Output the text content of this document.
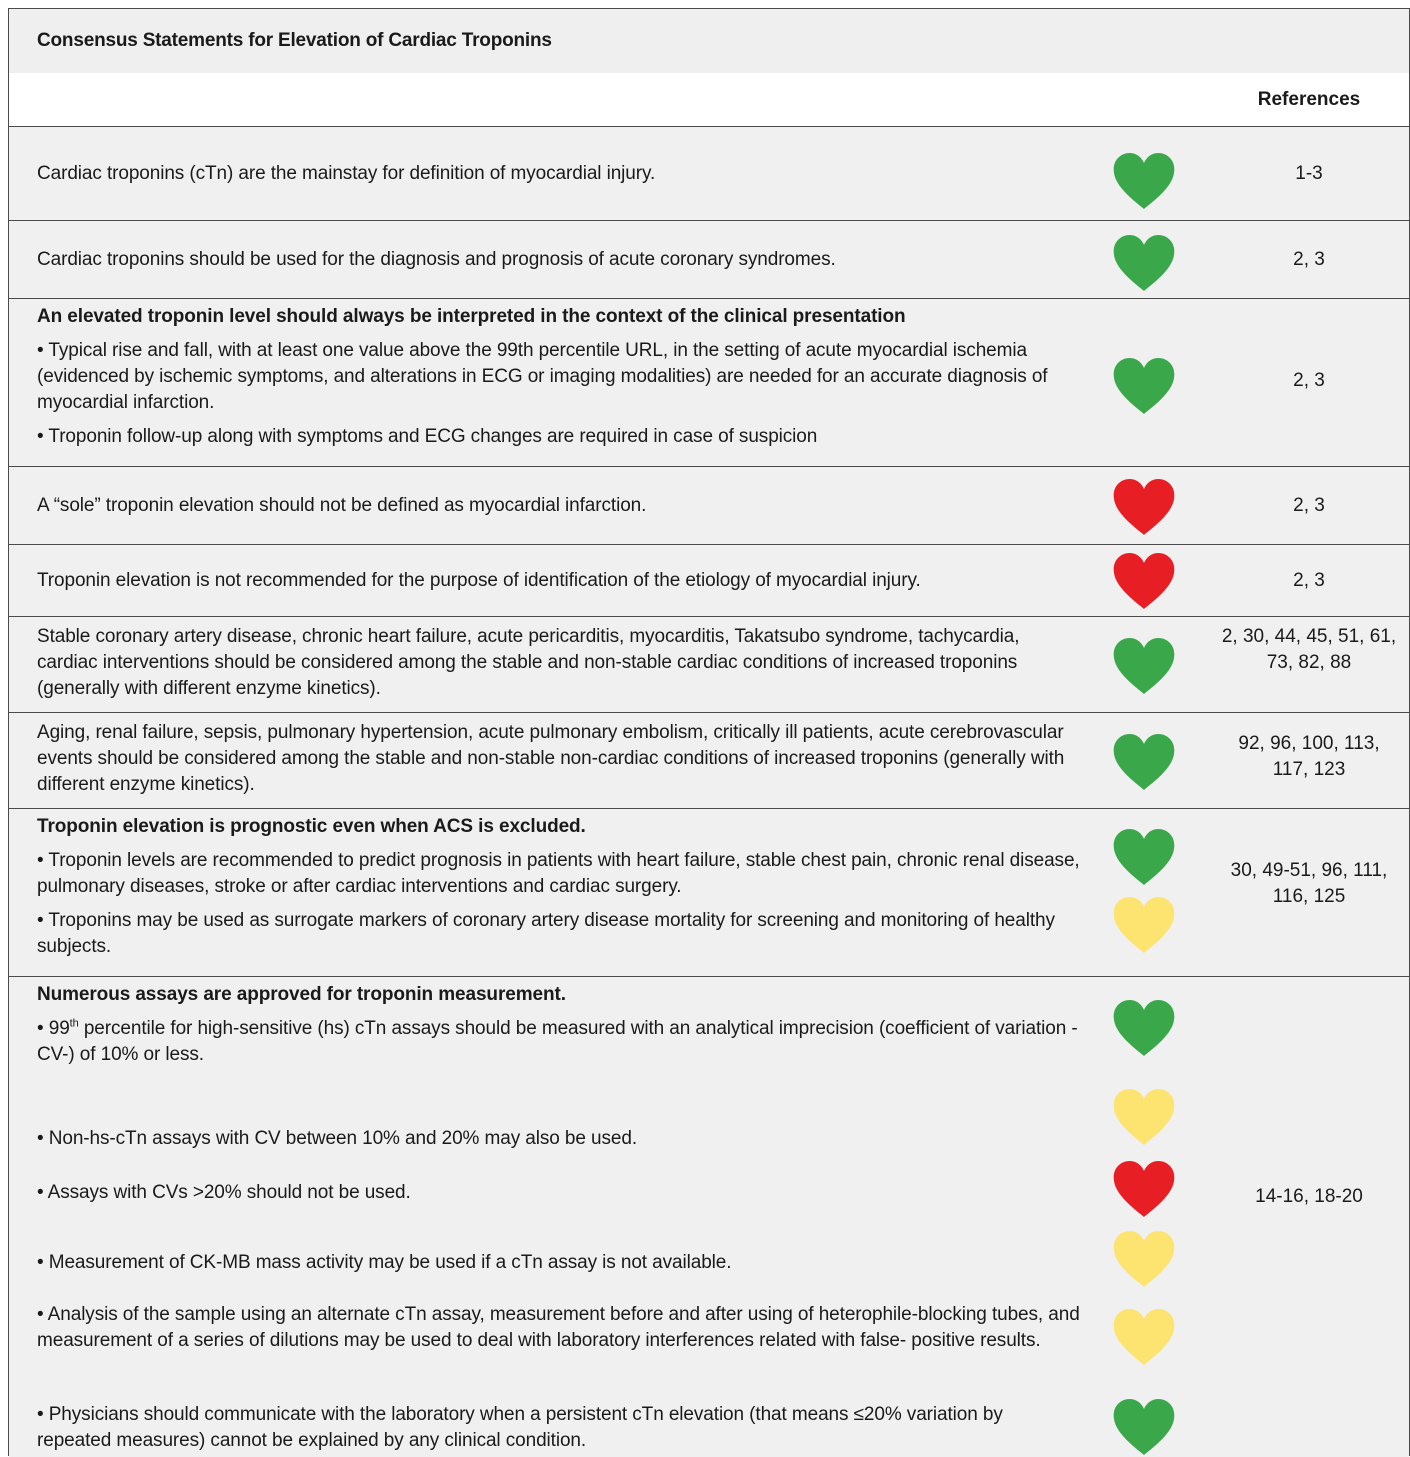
Consensus Statements for Elevation of Cardiac Troponins
References
Cardiac troponins (cTn) are the mainstay for definition of myocardial injury.	1-3
Cardiac troponins should be used for the diagnosis and prognosis of acute coronary syndromes.	2, 3
An elevated troponin level should always be interpreted in the context of the clinical presentation
• Typical rise and fall, with at least one value above the 99th percentile URL, in the setting of acute myocardial ischemia (evidenced by ischemic symptoms, and alterations in ECG or imaging modalities) are needed for an accurate diagnosis of myocardial infarction.
• Troponin follow-up along with symptoms and ECG changes are required in case of suspicion
2, 3
A “sole” troponin elevation should not be defined as myocardial infarction.	2, 3
Troponin elevation is not recommended for the purpose of identification of the etiology of myocardial injury.	2, 3
Stable coronary artery disease, chronic heart failure, acute pericarditis, myocarditis, Takatsubo syndrome, tachycardia, cardiac interventions should be considered among the stable and non-stable cardiac conditions of increased troponins (generally with different enzyme kinetics).
2, 30, 44, 45, 51, 61, 73, 82, 88
Aging, renal failure, sepsis, pulmonary hypertension, acute pulmonary embolism, critically ill patients, acute cerebrovascular events should be considered among the stable and non-stable non-cardiac conditions of increased troponins (generally with different enzyme kinetics).
92, 96, 100, 113, 117, 123
Troponin elevation is prognostic even when ACS is excluded.
• Troponin levels are recommended to predict prognosis in patients with heart failure, stable chest pain, chronic renal disease, pulmonary diseases, stroke or after cardiac interventions and cardiac surgery.
• Troponins may be used as surrogate markers of coronary artery disease mortality for screening and monitoring of healthy subjects.
30, 49-51, 96, 111, 116, 125
Numerous assays are approved for troponin measurement.
• 99th percentile for high-sensitive (hs) cTn assays should be measured with an analytical imprecision (coefficient of variation -CV-) of 10% or less.
• Non-hs-cTn assays with CV between 10% and 20% may also be used.
• Assays with CVs >20% should not be used.
• Measurement of CK-MB mass activity may be used if a cTn assay is not available.
• Analysis of the sample using an alternate cTn assay, measurement before and after using of heterophile-blocking tubes, and measurement of a series of dilutions may be used to deal with laboratory interferences related with false- positive results.
• Physicians should communicate with the laboratory when a persistent cTn elevation (that means ≤20% variation by repeated measures) cannot be explained by any clinical condition.
14-16, 18-20
